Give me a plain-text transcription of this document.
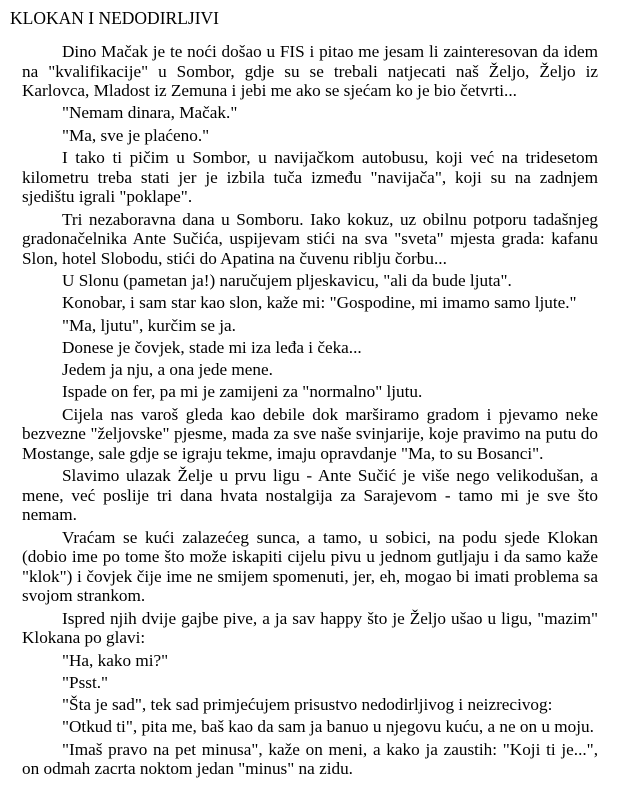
KLOKAN I NEDODIRLJIVI

Dino Mačak je te noći došao u FIS i pitao me jesam li zainteresovan da idem na "kvalifikacije" u Sombor, gdje su se trebali natjecati naš Željo, Željo iz Karlovca, Mladost iz Zemuna i jebi me ako se sjećam ko je bio četvrti...

"Nemam dinara, Mačak."

"Ma, sve je plaćeno."

I tako ti pičim u Sombor, u navijačkom autobusu, koji već na tridesetom kilometru treba stati jer je izbila tuča između "navijača", koji su na zadnjem sjedištu igrali "poklape".

Tri nezaboravna dana u Somboru. Iako kokuz, uz obilnu potporu tadašnjeg gradonačelnika Ante Sučića, uspijevam stići na sva "sveta" mjesta grada: kafanu Slon, hotel Slobodu, stići do Apatina na čuvenu riblju čorbu...

U Slonu (pametan ja!) naručujem pljeskavicu, "ali da bude ljuta".

Konobar, i sam star kao slon, kaže mi: "Gospodine, mi imamo samo ljute."

"Ma, ljutu", kurčim se ja.

Donese je čovjek, stade mi iza leđa i čeka...

Jedem ja nju, a ona jede mene.

Ispade on fer, pa mi je zamijeni za "normalno" ljutu.

Cijela nas varoš gleda kao debile dok marširamo gradom i pjevamo neke bezvezne "željovske" pjesme, mada za sve naše svinjarije, koje pravimo na putu do Mostange, sale gdje se igraju tekme, imaju opravdanje "Ma, to su Bosanci".

Slavimo ulazak Želje u prvu ligu - Ante Sučić je više nego velikodušan, a mene, već poslije tri dana hvata nostalgija za Sarajevom - tamo mi je sve što nemam.

Vraćam se kući zalazećeg sunca, a tamo, u sobici, na podu sjede Klokan (dobio ime po tome što može iskapiti cijelu pivu u jednom gutljaju i da samo kaže "klok") i čovjek čije ime ne smijem spomenuti, jer, eh, mogao bi imati problema sa svojom strankom.

Ispred njih dvije gajbe pive, a ja sav happy što je Željo ušao u ligu, "mazim" Klokana po glavi:

"Ha, kako mi?"

"Psst."

"Šta je sad", tek sad primjećujem prisustvo nedodirljivog i neizrecivog:

"Otkud ti", pita me, baš kao da sam ja banuo u njegovu kuću, a ne on u moju.

"Imaš pravo na pet minusa", kaže on meni, a kako ja zaustih: "Koji ti je...", on odmah zacrta noktom jedan "minus" na zidu.
